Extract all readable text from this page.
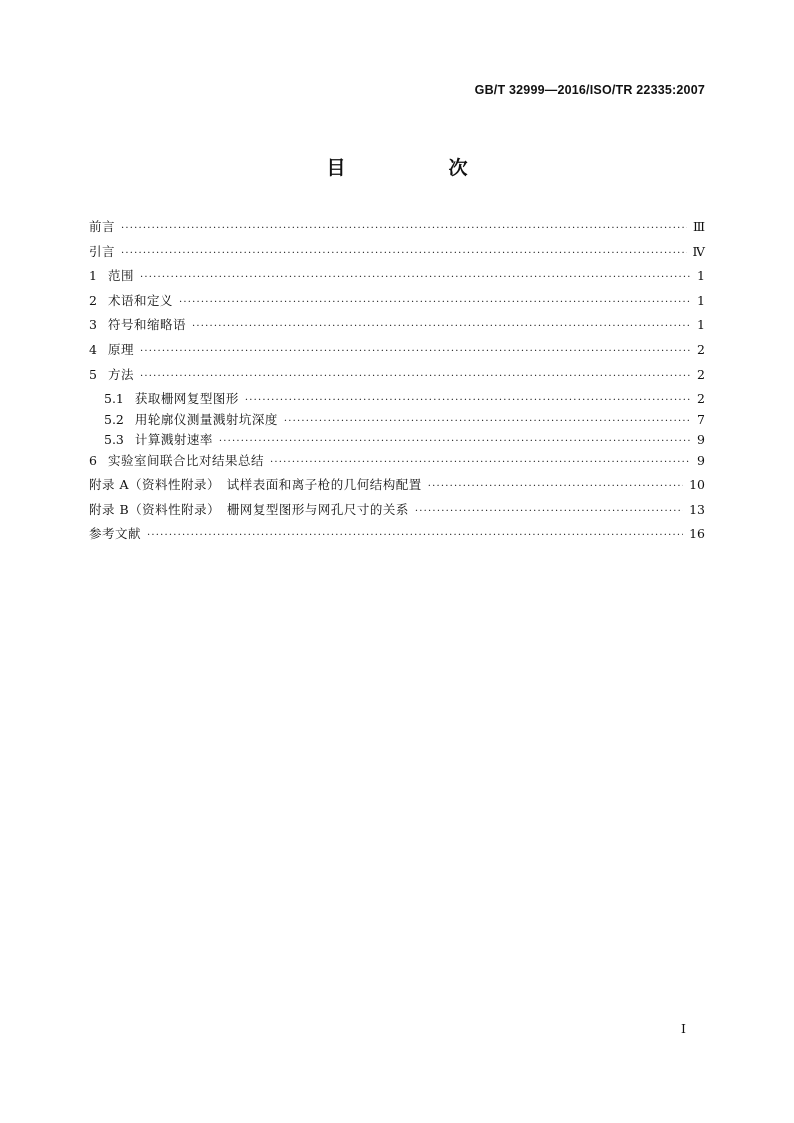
GB/T 32999—2016/ISO/TR 22335:2007
目　次
前言 ·····	Ⅲ
引言 ·····	Ⅳ
1 范围 ·····	1
2 术语和定义 ·····	1
3 符号和缩略语 ·····	1
4 原理 ·····	2
5 方法 ·····	2
5.1 获取栅网复型图形 ·····	2
5.2 用轮廓仪测量溅射坑深度 ·····	7
5.3 计算溅射速率 ·····	9
6 实验室间联合比对结果总结 ·····	9
附录 A（资料性附录）　试样表面和离子枪的几何结构配置 ·····	10
附录 B（资料性附录）　栅网复型图形与网孔尺寸的关系 ·····	13
参考文献 ·····	16
Ⅰ
